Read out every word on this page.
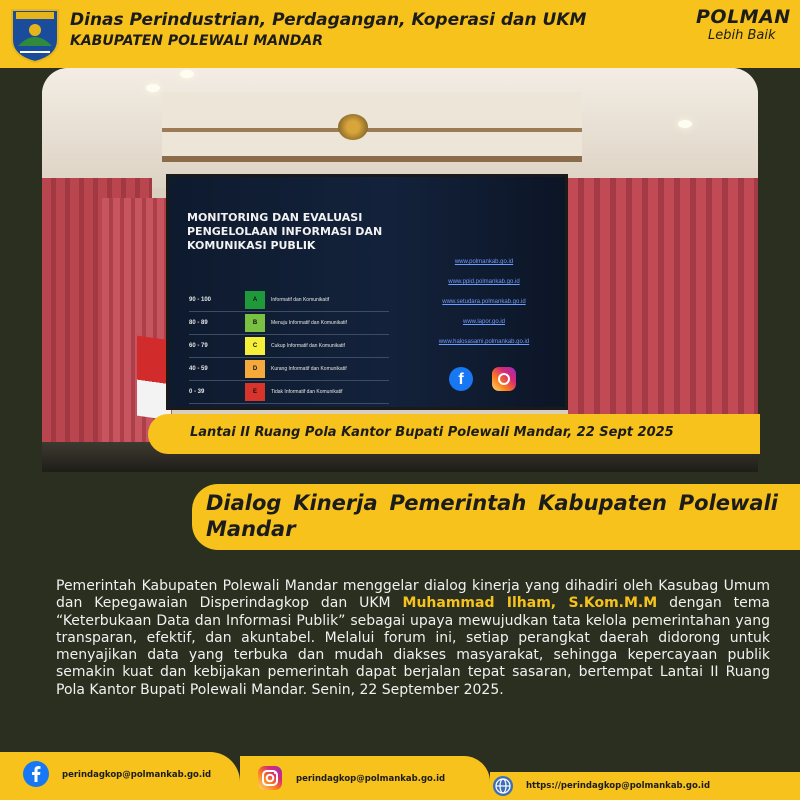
Dinas Perindustrian, Perdagangan, Koperasi dan UKM
KABUPATEN POLEWALI MANDAR
POLMAN
Lebih Baik
MONITORING DAN EVALUASI PENGELOLAAN INFORMASI DAN KOMUNIKASI PUBLIK
90 - 100	A	Informatif dan Komunikatif
80 - 89	B	Menuju Informatif dan Komunikatif
60 - 79	C	Cukup Informatif dan Komunikatif
40 - 59	D	Kurang Informatif dan Komunikatif
0 - 39	E	Tidak Informatif dan Komunikatif
www.polmankab.go.id
www.ppid.polmankab.go.id
www.setudara.polmankab.go.id
www.lapor.go.id
www.halosasami.polmankab.go.id
f
Lantai II Ruang Pola Kantor Bupati Polewali Mandar, 22 Sept 2025
Dialog Kinerja Pemerintah Kabupaten Polewali Mandar
Pemerintah Kabupaten Polewali Mandar menggelar dialog kinerja yang dihadiri oleh Kasubag Umum dan Kepegawaian Disperindagkop dan UKM Muhammad Ilham, S.Kom.M.M dengan tema “Keterbukaan Data dan Informasi Publik” sebagai upaya mewujudkan tata kelola pemerintahan yang transparan, efektif, dan akuntabel. Melalui forum ini, setiap perangkat daerah didorong untuk menyajikan data yang terbuka dan mudah diakses masyarakat, sehingga kepercayaan publik semakin kuat dan kebijakan pemerintah dapat berjalan tepat sasaran, bertempat Lantai II Ruang Pola Kantor Bupati Polewali Mandar. Senin, 22 September 2025.
perindagkop@polmankab.go.id	perindagkop@polmankab.go.id
https://perindagkop@polmankab.go.id
